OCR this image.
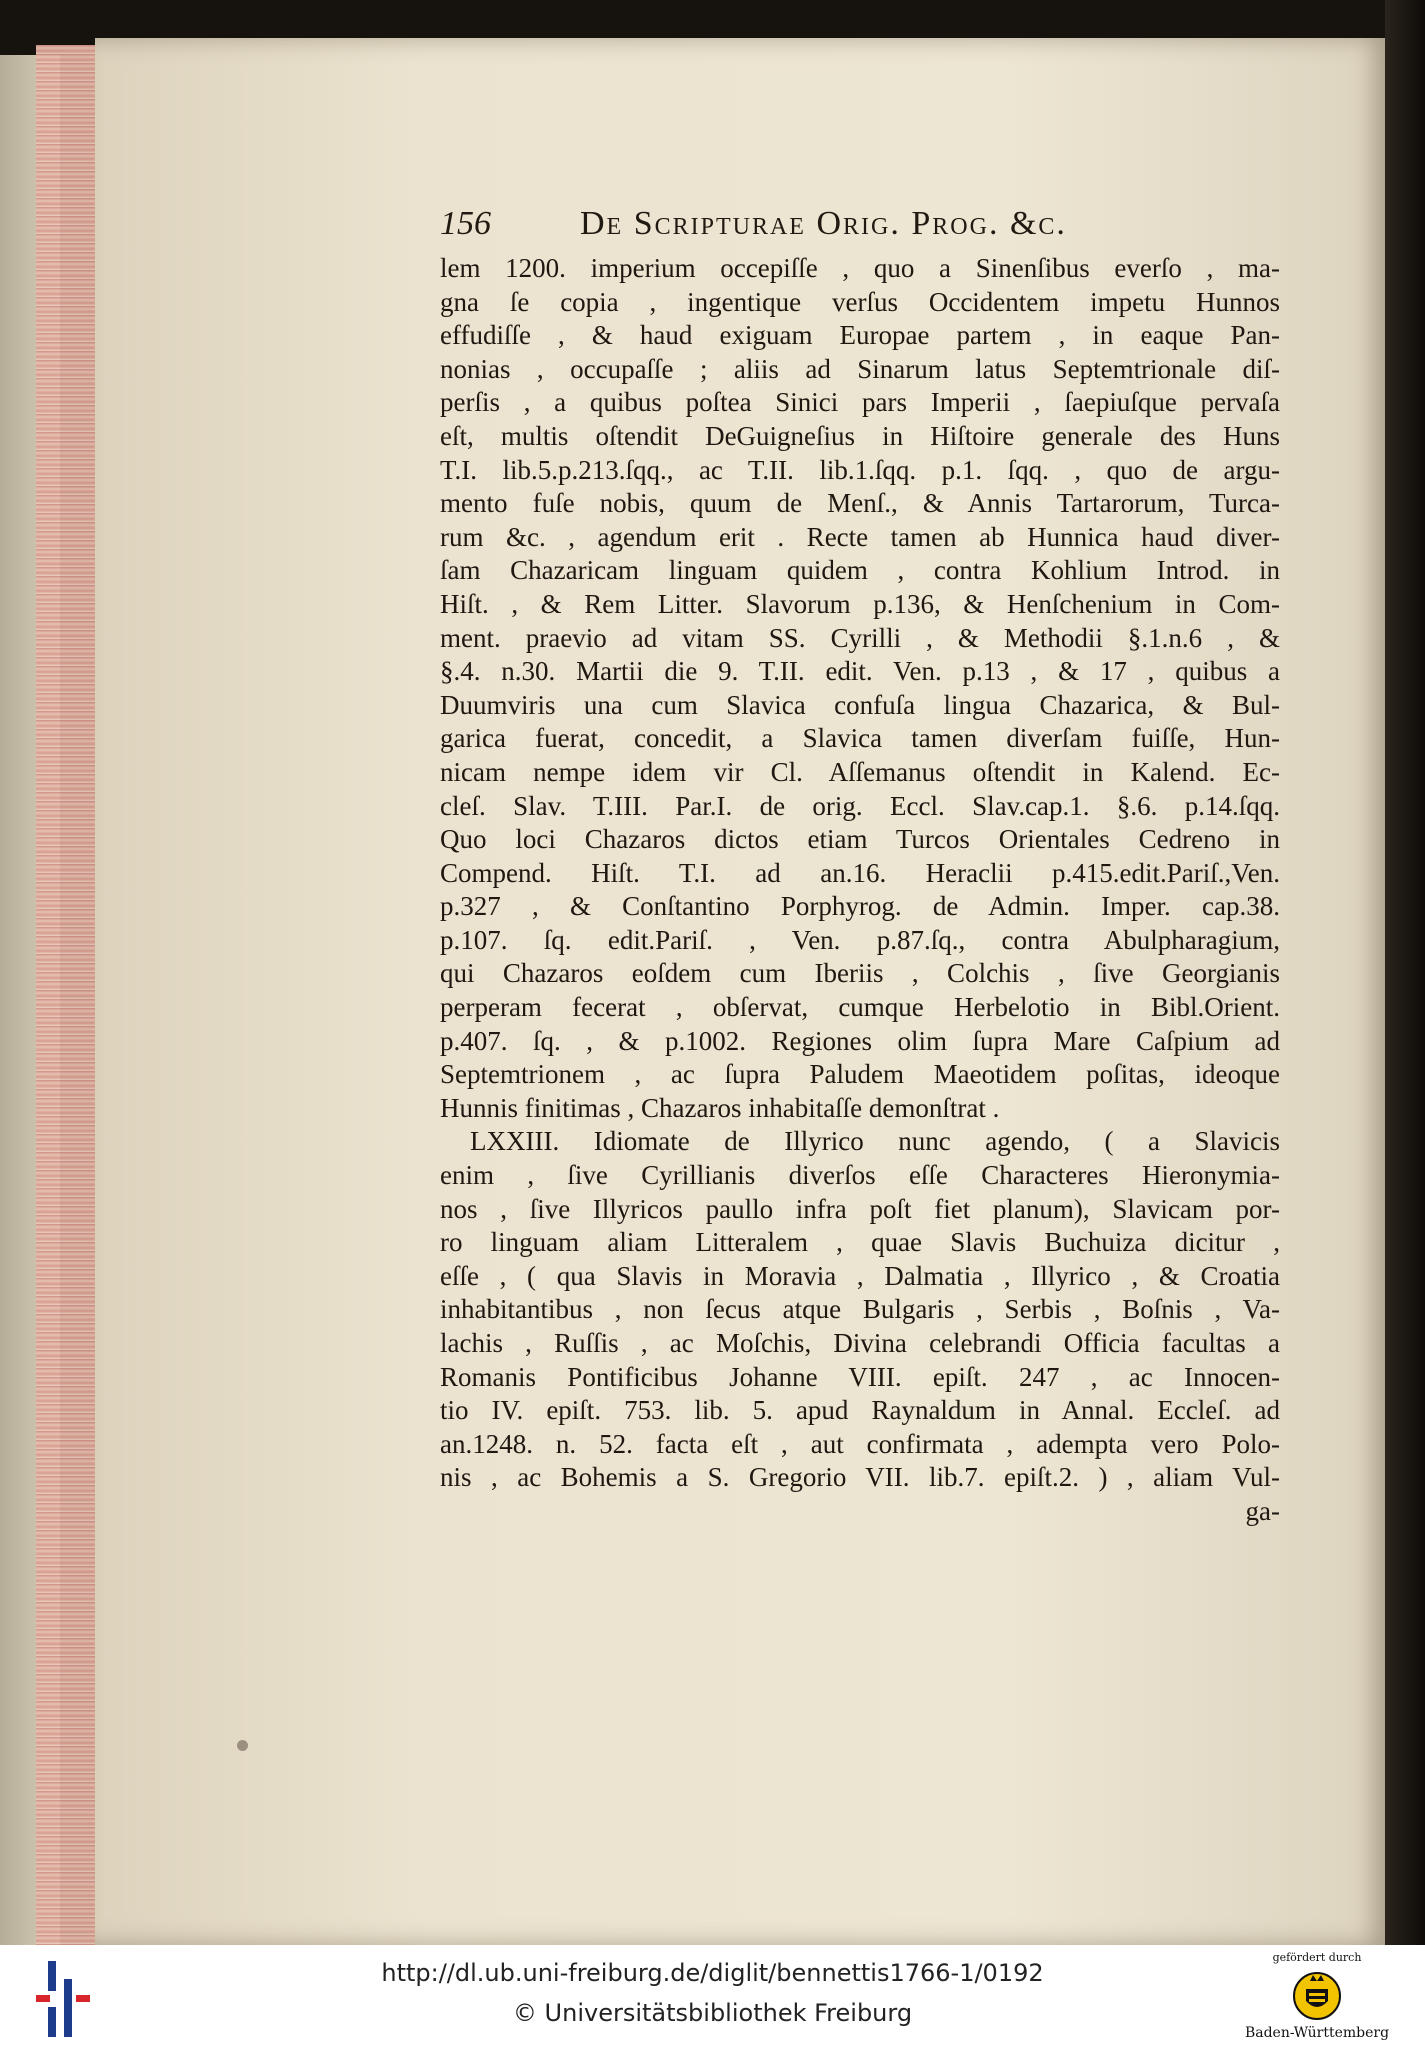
156	De Scripturae Orig. Prog. &c.
lem 1200. imperium occepiſſe , quo a Sinenſibus everſo , ma-
gna ſe copia , ingentique verſus Occidentem impetu Hunnos
effudiſſe , & haud exiguam Europae partem , in eaque Pan-
nonias , occupaſſe ; aliis ad Sinarum latus Septemtrionale diſ-
perſis , a quibus poſtea Sinici pars Imperii , ſaepiuſque pervaſa
eſt, multis oſtendit DeGuigneſius in Hiſtoire generale des Huns
T.I. lib.5.p.213.ſqq., ac T.II. lib.1.ſqq. p.1. ſqq. , quo de argu-
mento fuſe nobis, quum de Menſ., & Annis Tartarorum, Turca-
rum &c. , agendum erit . Recte tamen ab Hunnica haud diver-
ſam Chazaricam linguam quidem , contra Kohlium Introd. in
Hiſt. , & Rem Litter. Slavorum p.136, & Henſchenium in Com-
ment. praevio ad vitam SS. Cyrilli , & Methodii §.1.n.6 , &
§.4. n.30. Martii die 9. T.II. edit. Ven. p.13 , & 17 , quibus a
Duumviris una cum Slavica confuſa lingua Chazarica, & Bul-
garica fuerat, concedit, a Slavica tamen diverſam fuiſſe, Hun-
nicam nempe idem vir Cl. Aſſemanus oſtendit in Kalend. Ec-
cleſ. Slav. T.III. Par.I. de orig. Eccl. Slav.cap.1. §.6. p.14.ſqq.
Quo loci Chazaros dictos etiam Turcos Orientales Cedreno in
Compend. Hiſt. T.I. ad an.16. Heraclii p.415.edit.Pariſ.,Ven.
p.327 , & Conſtantino Porphyrog. de Admin. Imper. cap.38.
p.107. ſq. edit.Pariſ. , Ven. p.87.ſq., contra Abulpharagium,
qui Chazaros eoſdem cum Iberiis , Colchis , ſive Georgianis
perperam fecerat , obſervat, cumque Herbelotio in Bibl.Orient.
p.407. ſq. , & p.1002. Regiones olim ſupra Mare Caſpium ad
Septemtrionem , ac ſupra Paludem Maeotidem poſitas, ideoque
Hunnis finitimas , Chazaros inhabitaſſe demonſtrat .
LXXIII. Idiomate de Illyrico nunc agendo, ( a Slavicis
enim , ſive Cyrillianis diverſos eſſe Characteres Hieronymia-
nos , ſive Illyricos paullo infra poſt fiet planum), Slavicam por-
ro linguam aliam Litteralem , quae Slavis Buchuiza dicitur ,
eſſe , ( qua Slavis in Moravia , Dalmatia , Illyrico , & Croatia
inhabitantibus , non ſecus atque Bulgaris , Serbis , Boſnis , Va-
lachis , Ruſſis , ac Moſchis, Divina celebrandi Officia facultas a
Romanis Pontificibus Johanne VIII. epiſt. 247 , ac Innocen-
tio IV. epiſt. 753. lib. 5. apud Raynaldum in Annal. Eccleſ. ad
an.1248. n. 52. facta eſt , aut confirmata , adempta vero Polo-
nis , ac Bohemis a S. Gregorio VII. lib.7. epiſt.2. ) , aliam Vul-
ga-
http://dl.ub.uni-freiburg.de/diglit/bennettis1766-1/0192
© Universitätsbibliothek Freiburg
gefördert durch
Baden-Württemberg
